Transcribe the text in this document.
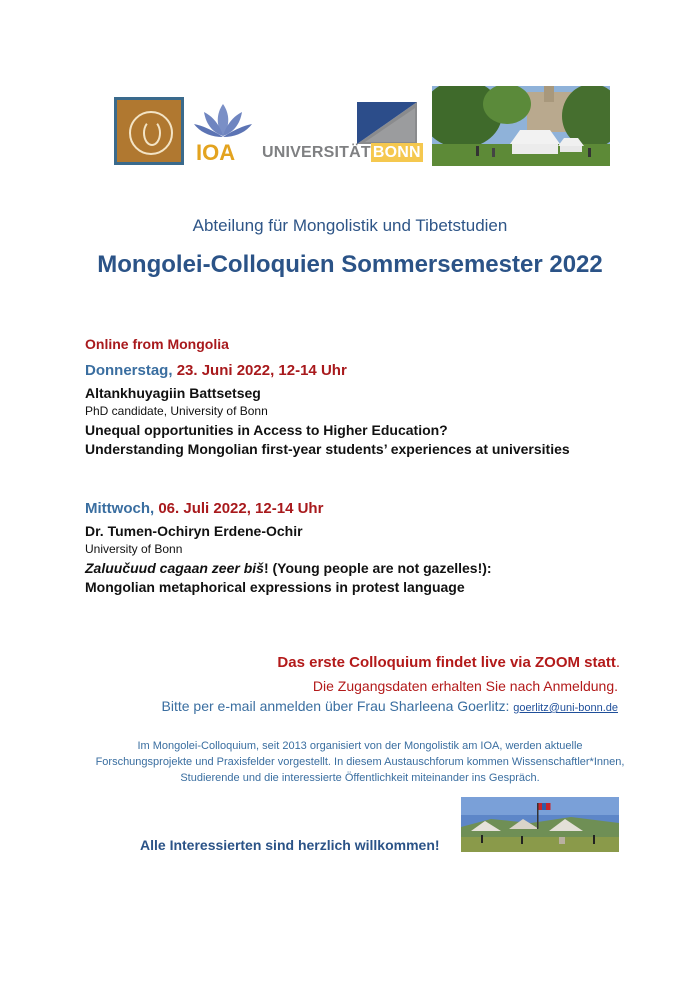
IOA UNIVERSITÄT BONN
Abteilung für Mongolistik und Tibetstudien
Mongolei-Colloquien Sommersemester 2022
Online from Mongolia
Donnerstag, 23. Juni 2022, 12-14 Uhr
Altankhuyagiin Battsetseg
PhD candidate, University of Bonn
Unequal opportunities in Access to Higher Education?
Understanding Mongolian first-year students’ experiences at universities
Mittwoch, 06. Juli 2022, 12-14 Uhr
Dr. Tumen-Ochiryn Erdene-Ochir
University of Bonn
Zaluučuud cagaan zeer biš! (Young people are not gazelles!):
Mongolian metaphorical expressions in protest language
Das erste Colloquium findet live via ZOOM statt.
Die Zugangsdaten erhalten Sie nach Anmeldung.
Bitte per e-mail anmelden über Frau Sharleena Goerlitz: goerlitz@uni-bonn.de
Im Mongolei-Colloquium, seit 2013 organisiert von der Mongolistik am IOA, werden aktuelle Forschungsprojekte und Praxisfelder vorgestellt. In diesem Austauschforum kommen Wissenschaftler*Innen, Studierende und die interessierte Öffentlichkeit miteinander ins Gespräch.
Alle Interessierten sind herzlich willkommen!
